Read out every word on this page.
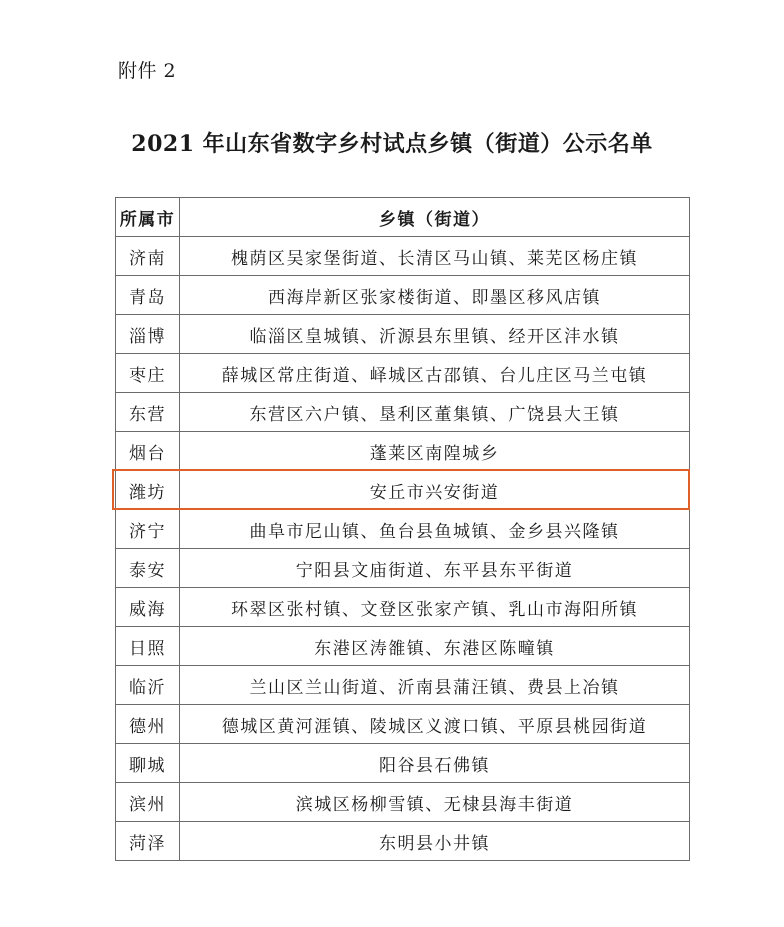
附件 2
2021 年山东省数字乡村试点乡镇（街道）公示名单
所属市	乡镇（街道）
济南	槐荫区吴家堡街道、长清区马山镇、莱芜区杨庄镇
青岛	西海岸新区张家楼街道、即墨区移风店镇
淄博	临淄区皇城镇、沂源县东里镇、经开区沣水镇
枣庄	薛城区常庄街道、峄城区古邵镇、台儿庄区马兰屯镇
东营	东营区六户镇、垦利区董集镇、广饶县大王镇
烟台	蓬莱区南隍城乡
潍坊	安丘市兴安街道
济宁	曲阜市尼山镇、鱼台县鱼城镇、金乡县兴隆镇
泰安	宁阳县文庙街道、东平县东平街道
威海	环翠区张村镇、文登区张家产镇、乳山市海阳所镇
日照	东港区涛雒镇、东港区陈疃镇
临沂	兰山区兰山街道、沂南县蒲汪镇、费县上冶镇
德州	德城区黄河涯镇、陵城区义渡口镇、平原县桃园街道
聊城	阳谷县石佛镇
滨州	滨城区杨柳雪镇、无棣县海丰街道
菏泽	东明县小井镇
